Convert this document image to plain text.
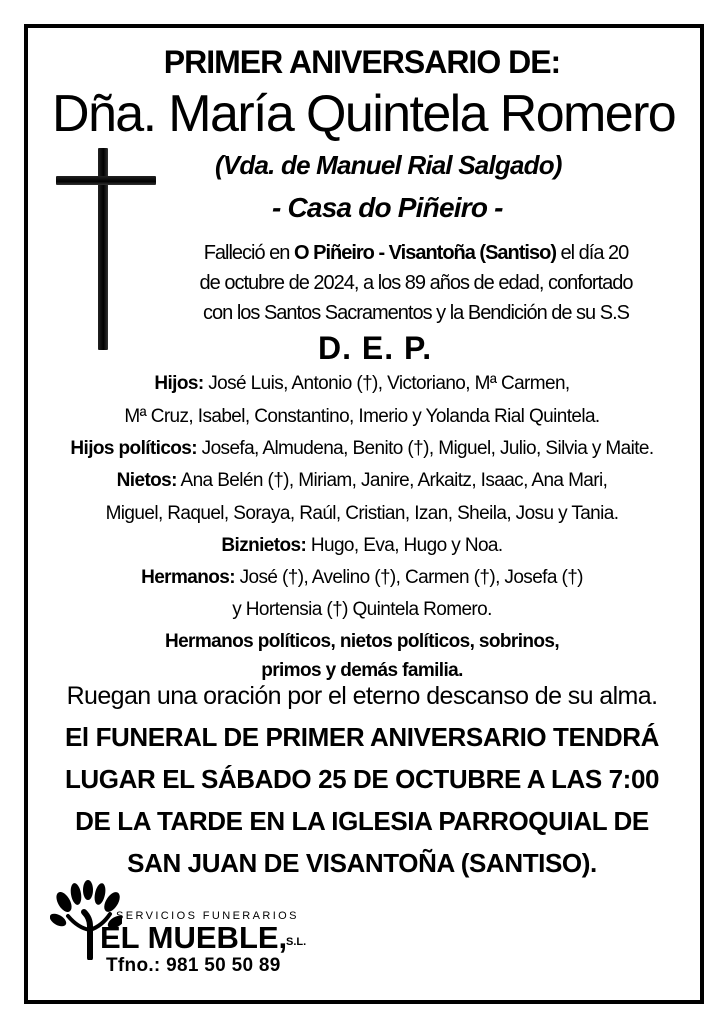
PRIMER ANIVERSARIO DE:
Dña. María Quintela Romero
(Vda. de Manuel Rial Salgado)
- Casa do Piñeiro -
Falleció en O Piñeiro - Visantoña (Santiso) el día 20
de octubre de 2024, a los 89 años de edad, confortado
con los Santos Sacramentos y la Bendición de su S.S
D. E. P.
Hijos: José Luis, Antonio (†), Victoriano, Mª Carmen,
Mª Cruz, Isabel, Constantino, Imerio y Yolanda Rial Quintela.
Hijos políticos: Josefa, Almudena, Benito (†), Miguel, Julio, Silvia y Maite.
Nietos: Ana Belén (†), Miriam, Janire, Arkaitz, Isaac, Ana Mari,
Miguel, Raquel, Soraya, Raúl, Cristian, Izan, Sheila, Josu y Tania.
Biznietos: Hugo, Eva, Hugo y Noa.
Hermanos: José (†), Avelino (†), Carmen (†), Josefa (†)
y Hortensia (†) Quintela Romero.
Hermanos políticos, nietos políticos, sobrinos,
primos y demás familia.
Ruegan una oración por el eterno descanso de su alma.
El FUNERAL DE PRIMER ANIVERSARIO TENDRÁ
LUGAR EL SÁBADO 25 DE OCTUBRE A LAS 7:00
DE LA TARDE EN LA IGLESIA PARROQUIAL DE
SAN JUAN DE VISANTOÑA (SANTISO).
SERVICIOS FUNERARIOS
EL MUEBLE,
S.L.
Tfno.: 981 50 50 89
